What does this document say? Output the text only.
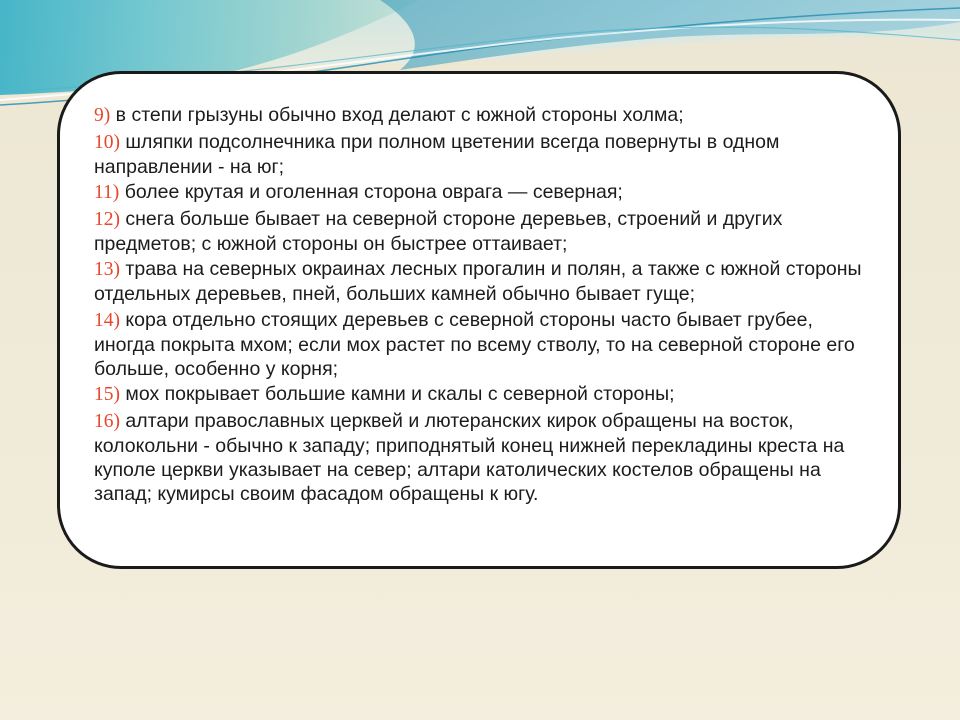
9) в степи грызуны обычно вход делают с южной стороны холма;
10) шляпки подсолнечника при полном цветении всегда повернуты в одном направлении - на юг;
11) более крутая и оголенная сторона оврага — северная;
12) снега больше бывает на северной стороне деревьев, строений и других предметов; с южной стороны он быстрее оттаивает;
13) трава на северных окраинах лесных прогалин и полян, а также с южной стороны отдельных деревьев, пней, больших камней обычно бывает гуще;
14) кора отдельно стоящих деревьев с северной стороны часто бывает грубее, иногда покрыта мхом; если мох растет по всему стволу, то на северной стороне его больше, особенно у корня;
15) мох покрывает большие камни и скалы с северной стороны;
16) алтари православных церквей и лютеранских кирок обращены на восток, колокольни - обычно к западу; приподнятый конец нижней перекладины креста на куполе церкви указывает на север; алтари католических костелов обращены на запад; кумирсы своим фасадом обращены к югу.
